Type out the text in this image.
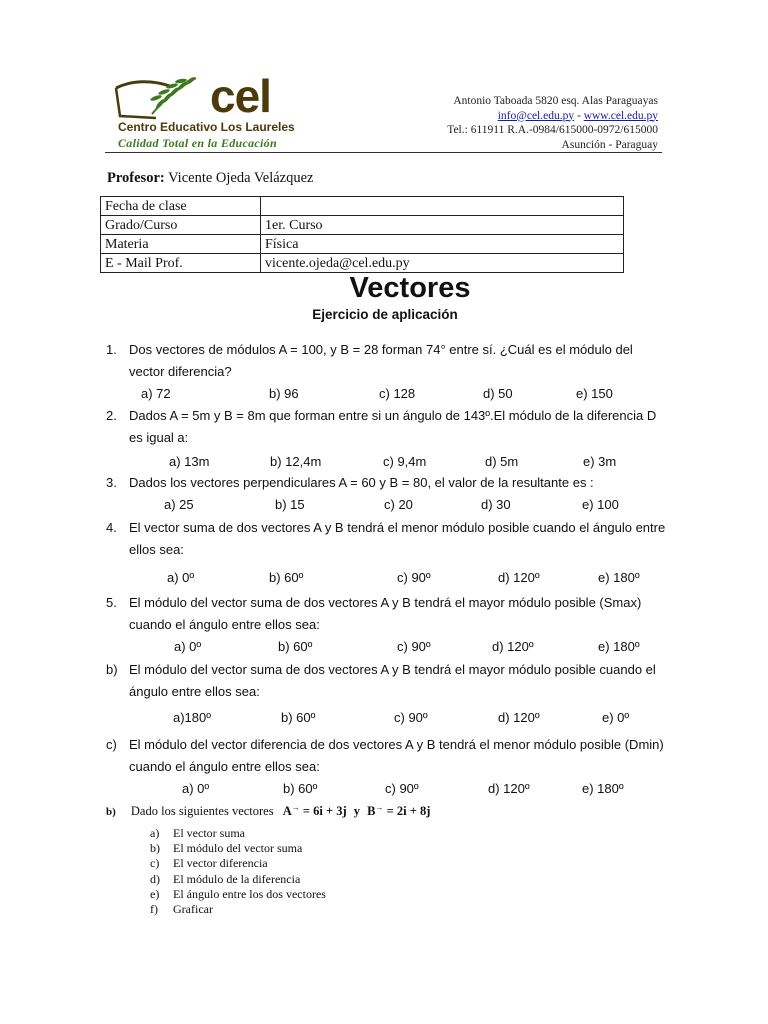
cel
Centro Educativo Los Laureles
Calidad Total en la Educación
Antonio Taboada 5820 esq. Alas Paraguayas
info@cel.edu.py - www.cel.edu.py
Tel.: 611911 R.A.-0984/615000-0972/615000
Asunción - Paraguay
Profesor: Vicente Ojeda Velázquez
Fecha de clase	
Grado/Curso	1er. Curso
Materia	Física
E - Mail Prof.	vicente.ojeda@cel.edu.py
Vectores
Ejercicio de aplicación
1. Dos vectores de módulos A = 100, y B = 28 forman 74° entre sí. ¿Cuál es el módulo del vector diferencia?
a) 72	b) 96	c) 128	d) 50	e) 150
2. Dados A = 5m y B = 8m que forman entre si un ángulo de 143º.El módulo de la diferencia D es igual a:
a) 13m	b) 12,4m	c) 9,4m	d) 5m	e) 3m
3. Dados los vectores perpendiculares A = 60 y B = 80, el valor de la resultante es :
a) 25	b) 15	c) 20	d) 30	e) 100
4. El vector suma de dos vectores A y B tendrá el menor módulo posible cuando el ángulo entre ellos sea:
a) 0º	b) 60º	c) 90º	d) 120º	e) 180º
5. El módulo del vector suma de dos vectores A y B tendrá el mayor módulo posible (Smax) cuando el ángulo entre ellos sea:
a) 0º	b) 60º	c) 90º	d) 120º	e) 180º
b) El módulo del vector suma de dos vectores A y B tendrá el mayor módulo posible cuando el ángulo entre ellos sea:
a)180º	b) 60º	c) 90º	d) 120º	e) 0º
c) El módulo del vector diferencia de dos vectores A y B tendrá el menor módulo posible (Dmin) cuando el ángulo entre ellos sea:
a) 0º	b) 60º	c) 90º	d) 120º	e) 180º
b) Dado los siguientes vectores A→ = 6i + 3j y B→ = 2i + 8j
a) El vector suma
b) El módulo del vector suma
c) El vector diferencia
d) El módulo de la diferencia
e) El ángulo entre los dos vectores
f) Graficar
